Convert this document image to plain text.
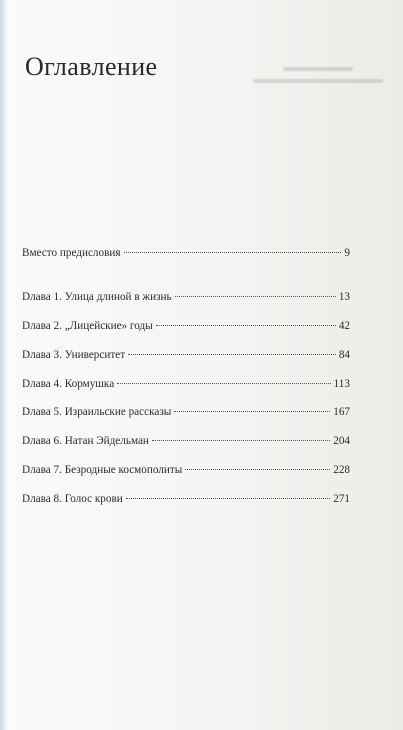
Оглавление
Вместо предисловия	9
Dлава 1. Улица длиной в жизнь	13
Dлава 2. „Лицейские» годы	42
Dлава 3. Университет	84
Dлава 4. Кормушка	113
Dлава 5. Израильские рассказы	167
Dлава 6. Натан Эйдельман	204
Dлава 7. Безродные космополиты	228
Dлава 8. Голос крови	271
